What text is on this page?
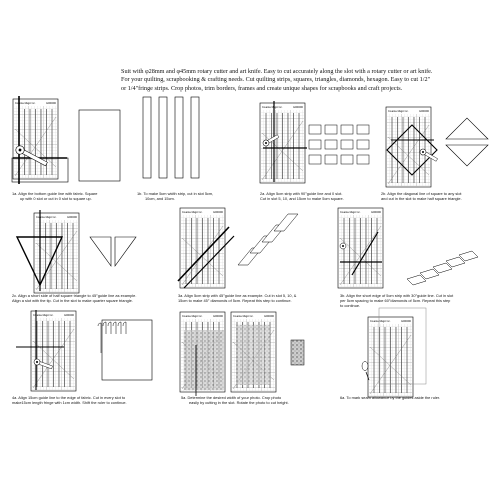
Suit with φ28mm and φ45mm rotary cutter and art knife. Easy to cut accurately along the slot with a rotary cutter or art knife.

For your quilting, scrapbooking & crafting needs. Cut quilting strips, squares, triangles, diamonds, hexagon. Easy to cut 1/2"

or 1/4"fringe strips. Crop photos, trim borders, frames and create unique shapes for scrapbooks and craft projects.

Creative Magic Inc.	E000000
Creative Magic Inc.	E000000
Creative Magic Inc.	E000000
Creative Magic Inc.	E000000
Creative Magic Inc.	E000000	Creative Magic Inc.	E000000
Creative Magic Inc.	E000000	Creative Magic Inc.	E000000	Creative Magic Inc.	E000000
Creative Magic Inc.	E000000
1a. Align the bottom guide line with fabric. Square
up with 0 slot or cut in 0 slot to square up.
1b. To make 5cm width strip, cut in slot 5cm,
10cm, and 15cm.
2a. Align 5cm strip with 90°guide line and 0 slot.
Cut in slot 5, 10, and 15cm to make 5cm square.
2b. Align the diagonal line of square to any slot
and cut in the slot to make half square triangle.
2c. Align a short side of half square triangle to 45°guide line as example.
Align a slot with the tip. Cut in the slot to make quarter square triangle.
3a. Align 5cm strip with 45°guide line as example. Cut in slot 5, 10, &
15cm to make 45° diamonds of 5cm. Repeat this step to continue.
3b. Align the short edge of 5cm strip with 30°guide line. Cut in slot
per 5cm spacing to make 60°diamonds of 5cm. Repeat this step
to continue.
4a. Align 15cm guide line to the edge of fabric. Cut in every slot to
make15cm length fringe with 1cm width. Shift the ruler to continue.
5a. Determine the desired width of your photo. Crop photo
easily by cutting in the slot. Rotate the photo to cut height.
6a. To mark seam allowance by the guides aside the ruler.
